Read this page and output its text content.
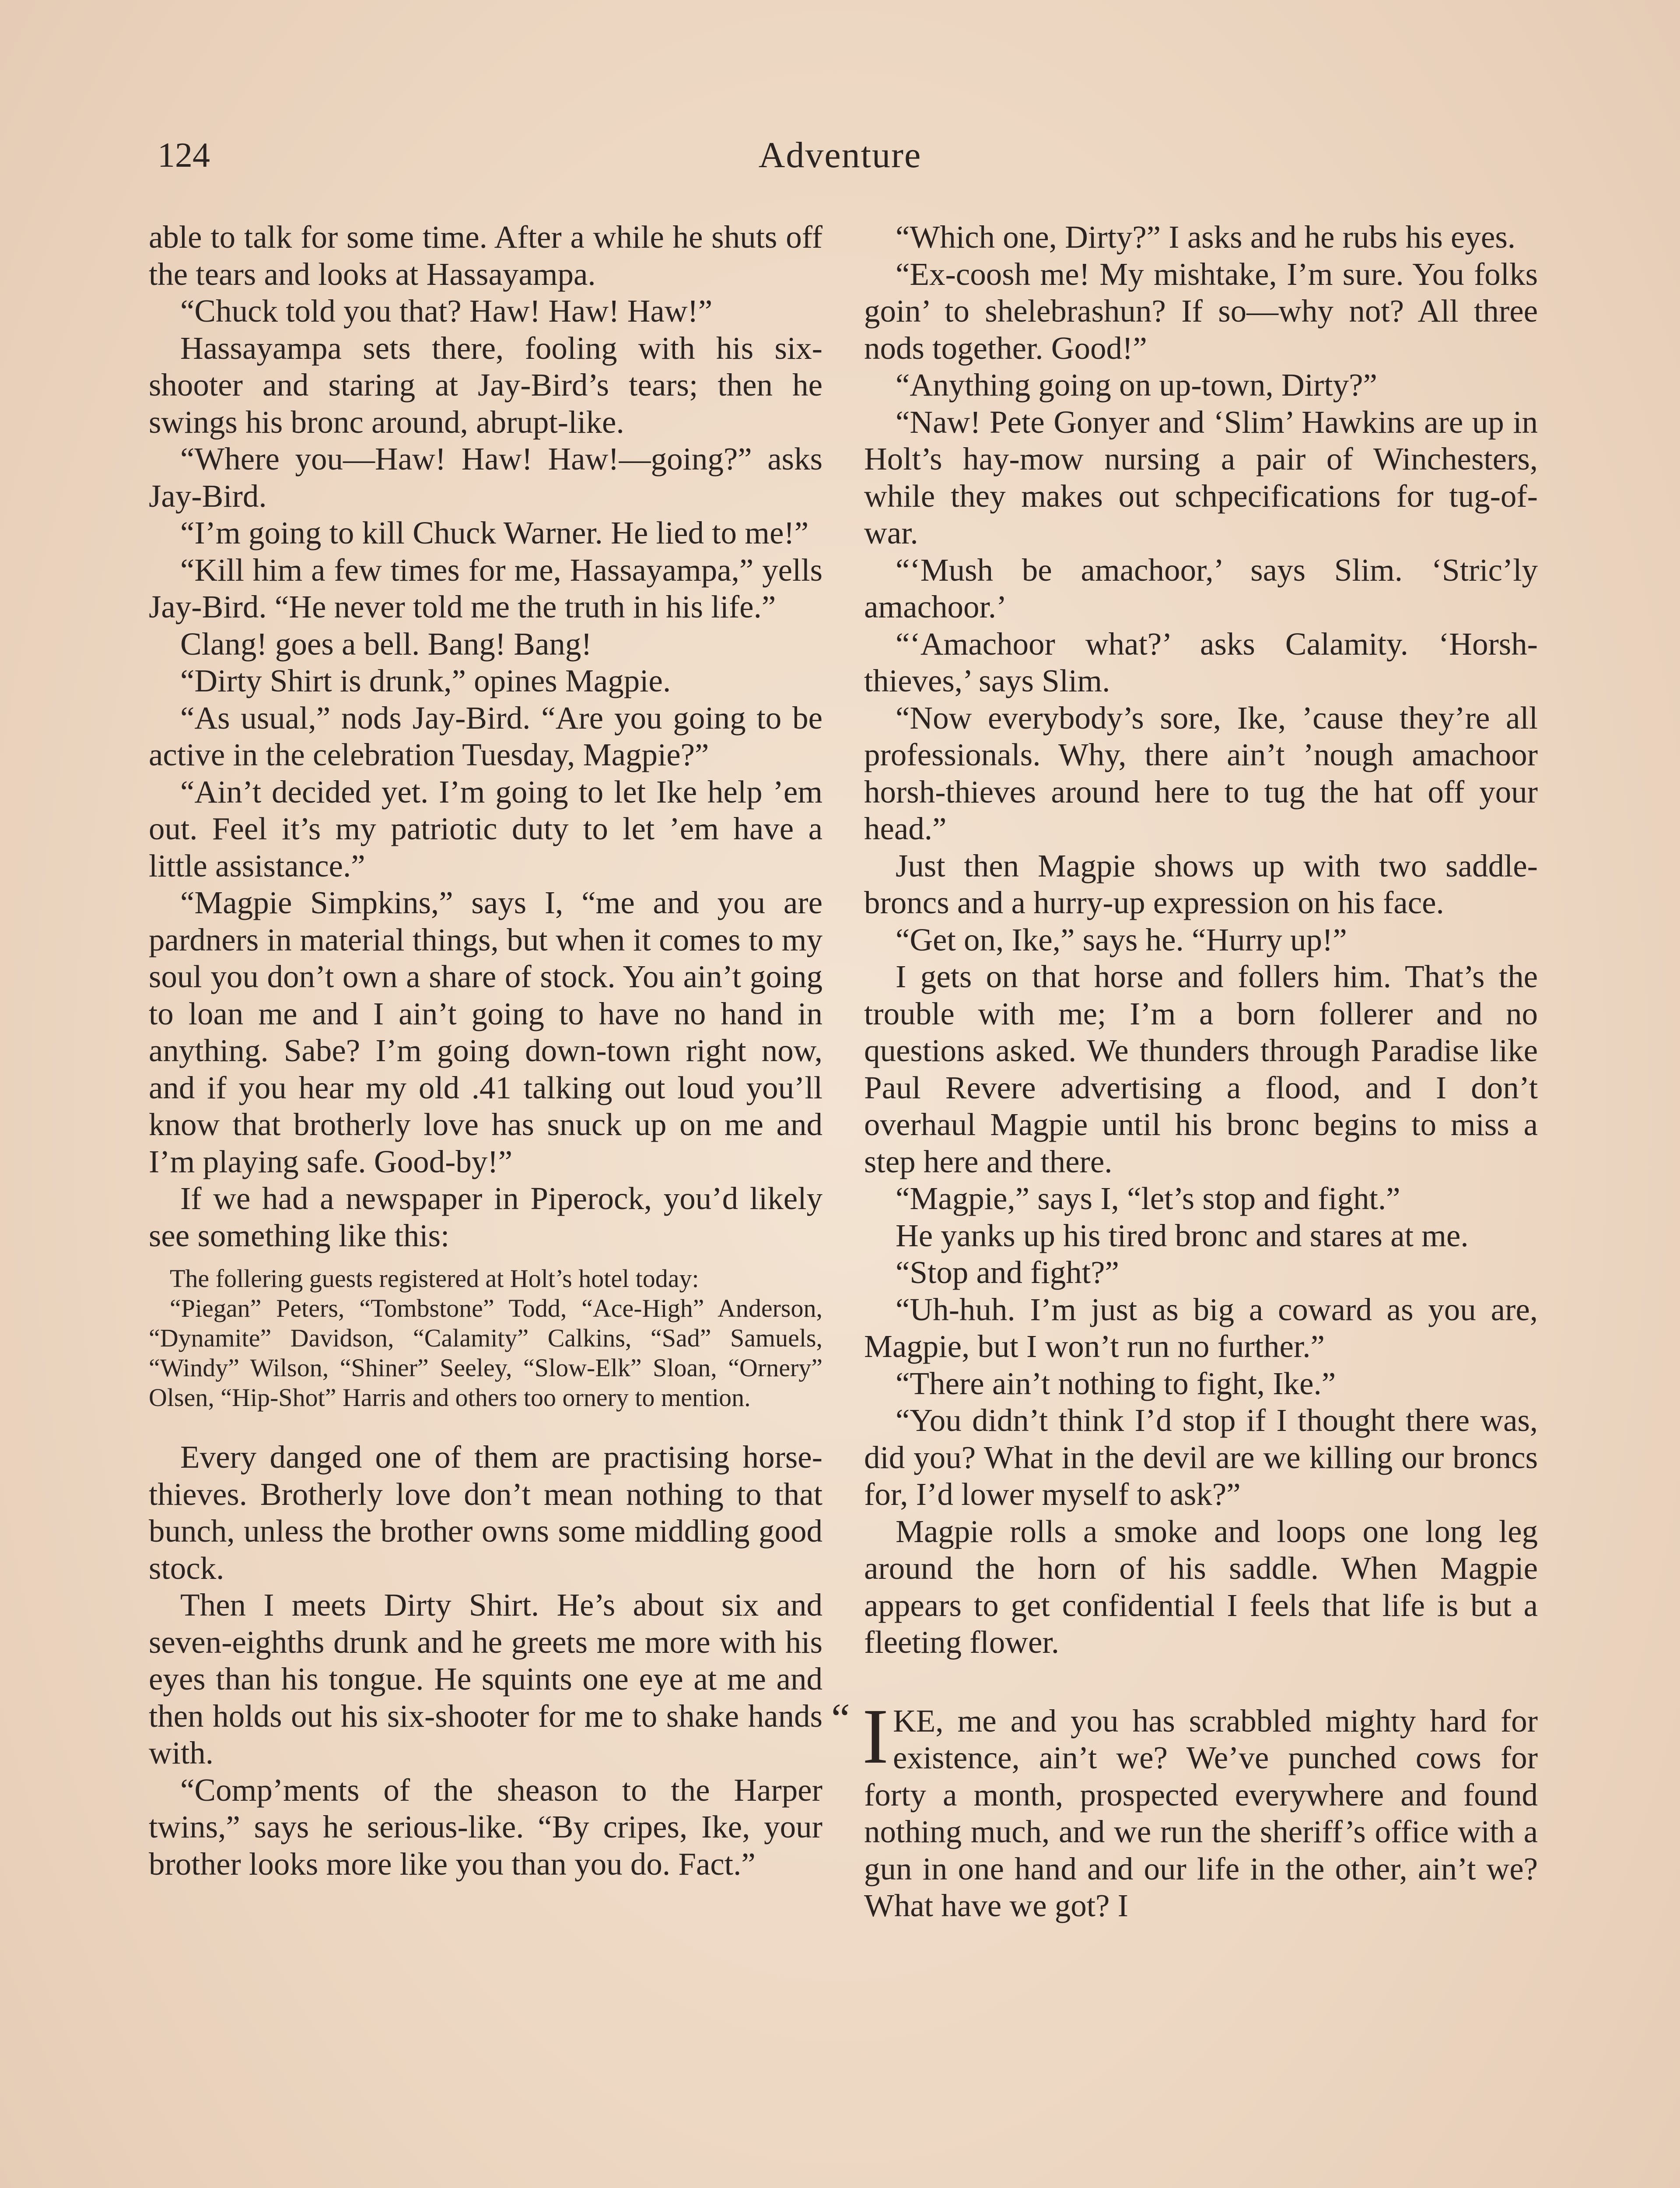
124	Adventure

able to talk for some time. After a while he shuts off the tears and looks at Hassayampa.

“Chuck told you that? Haw! Haw! Haw!”

Hassayampa sets there, fooling with his six-shooter and staring at Jay-Bird’s tears; then he swings his bronc around, abrupt-like.

“Where you—Haw! Haw! Haw!—going?” asks Jay-Bird.

“I’m going to kill Chuck Warner. He lied to me!”

“Kill him a few times for me, Hassayampa,” yells Jay-Bird. “He never told me the truth in his life.”

Clang! goes a bell. Bang! Bang!

“Dirty Shirt is drunk,” opines Magpie.

“As usual,” nods Jay-Bird. “Are you going to be active in the celebration Tuesday, Magpie?”

“Ain’t decided yet. I’m going to let Ike help ’em out. Feel it’s my patriotic duty to let ’em have a little assistance.”

“Magpie Simpkins,” says I, “me and you are pardners in material things, but when it comes to my soul you don’t own a share of stock. You ain’t going to loan me and I ain’t going to have no hand in anything. Sabe? I’m going down-town right now, and if you hear my old .41 talking out loud you’ll know that brotherly love has snuck up on me and I’m playing safe. Good-by!”

If we had a newspaper in Piperock, you’d likely see something like this:

The follering guests registered at Holt’s hotel today:

“Piegan” Peters, “Tombstone” Todd, “Ace-High” Anderson, “Dynamite” Davidson, “Calamity” Calkins, “Sad” Samuels, “Windy” Wilson, “Shiner” Seeley, “Slow-Elk” Sloan, “Ornery” Olsen, “Hip-Shot” Harris and others too ornery to mention.

Every danged one of them are practising horse-thieves. Brotherly love don’t mean nothing to that bunch, unless the brother owns some middling good stock.

Then I meets Dirty Shirt. He’s about six and seven-eighths drunk and he greets me more with his eyes than his tongue. He squints one eye at me and then holds out his six-shooter for me to shake hands with.

“Comp’ments of the sheason to the Harper twins,” says he serious-like. “By cripes, Ike, your brother looks more like you than you do. Fact.”

“Which one, Dirty?” I asks and he rubs his eyes.

“Ex-coosh me! My mishtake, I’m sure. You folks goin’ to shelebrashun? If so—why not? All three nods together. Good!”

“Anything going on up-town, Dirty?”

“Naw! Pete Gonyer and ‘Slim’ Hawkins are up in Holt’s hay-mow nursing a pair of Winchesters, while they makes out schpecifications for tug-of-war.

“‘Mush be amachoor,’ says Slim. ‘Stric’ly amachoor.’

“‘Amachoor what?’ asks Calamity. ‘Horsh-thieves,’ says Slim.

“Now everybody’s sore, Ike, ’cause they’re all professionals. Why, there ain’t ’nough amachoor horsh-thieves around here to tug the hat off your head.”

Just then Magpie shows up with two saddle-broncs and a hurry-up expression on his face.

“Get on, Ike,” says he. “Hurry up!”

I gets on that horse and follers him. That’s the trouble with me; I’m a born follerer and no questions asked. We thunders through Paradise like Paul Revere advertising a flood, and I don’t overhaul Magpie until his bronc begins to miss a step here and there.

“Magpie,” says I, “let’s stop and fight.”

He yanks up his tired bronc and stares at me.

“Stop and fight?”

“Uh-huh. I’m just as big a coward as you are, Magpie, but I won’t run no further.”

“There ain’t nothing to fight, Ike.”

“You didn’t think I’d stop if I thought there was, did you? What in the devil are we killing our broncs for, I’d lower myself to ask?”

Magpie rolls a smoke and loops one long leg around the horn of his saddle. When Magpie appears to get confidential I feels that life is but a fleeting flower.

“ I KE, me and you has scrabbled mighty hard for existence, ain’t we? We’ve punched cows for forty a month, prospected everywhere and found nothing much, and we run the sheriff’s office with a gun in one hand and our life in the other, ain’t we? What have we got? I
